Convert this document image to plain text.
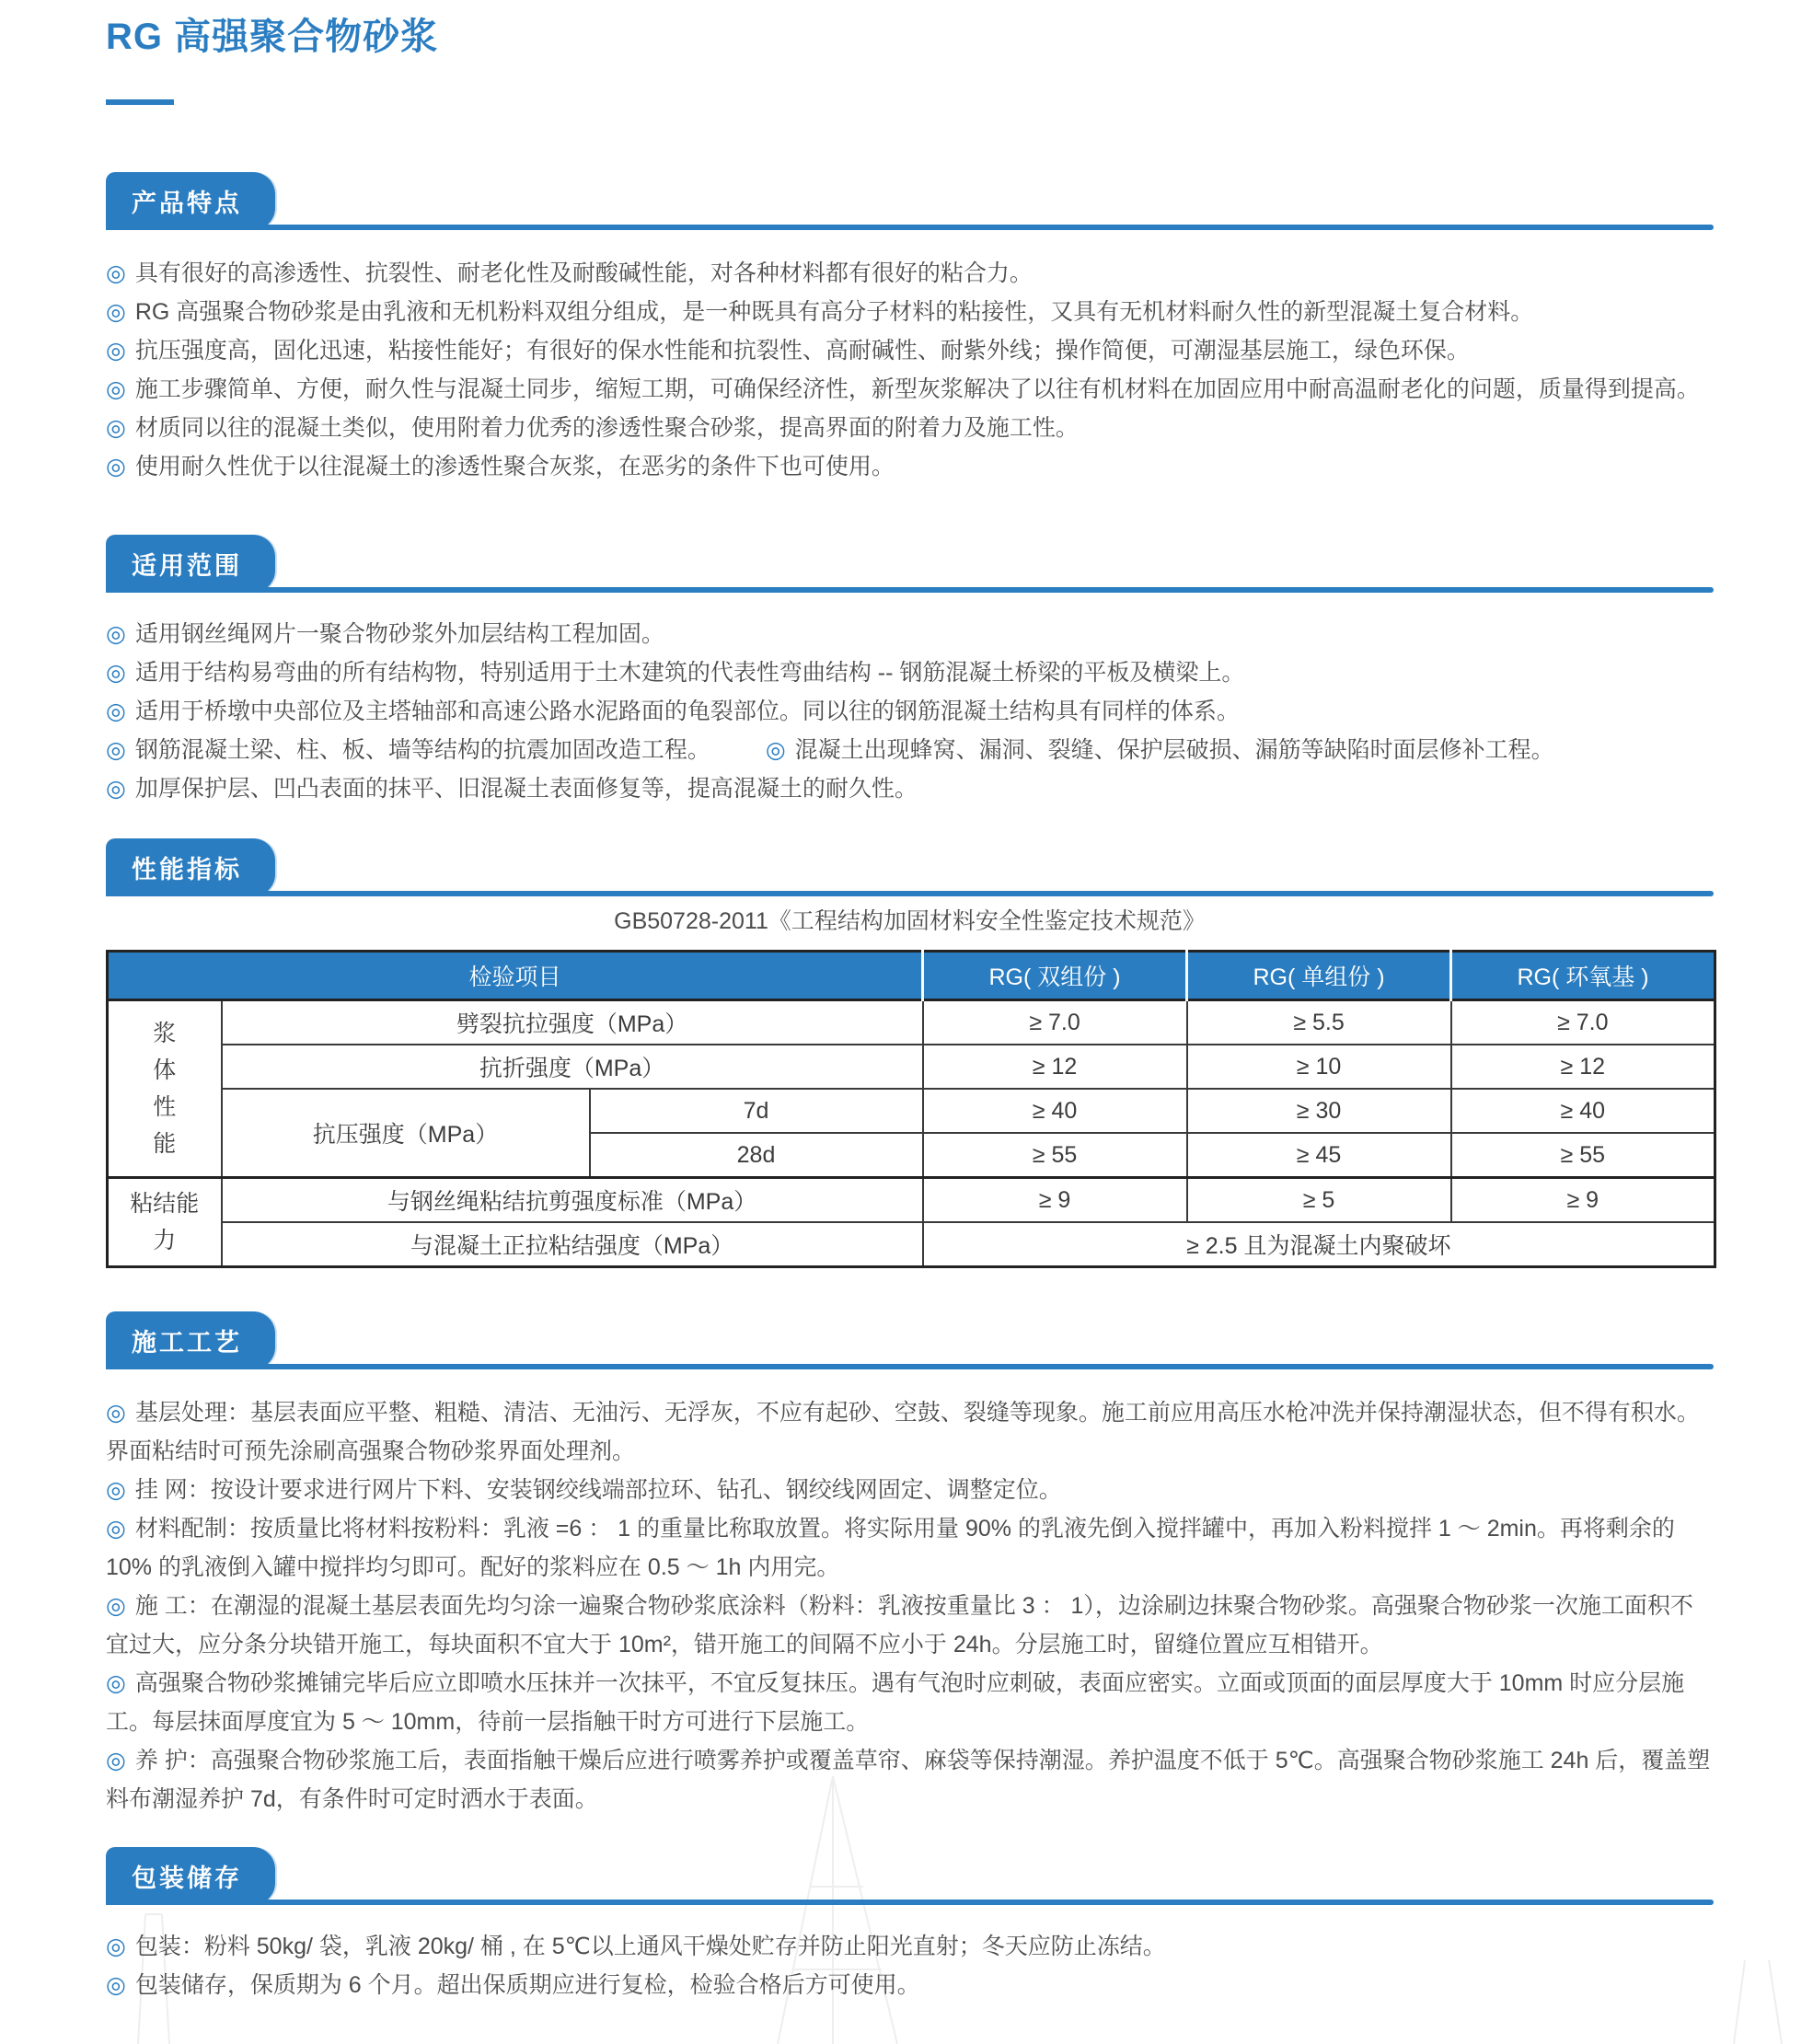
RG 高强聚合物砂浆
产品特点

◎ 具有很好的高渗透性、抗裂性、耐老化性及耐酸碱性能，对各种材料都有很好的粘合力。

◎ RG 高强聚合物砂浆是由乳液和无机粉料双组分组成，是一种既具有高分子材料的粘接性，又具有无机材料耐久性的新型混凝土复合材料。

◎ 抗压强度高，固化迅速，粘接性能好；有很好的保水性能和抗裂性、高耐碱性、耐紫外线；操作简便，可潮湿基层施工，绿色环保。

◎ 施工步骤简单、方便，耐久性与混凝土同步，缩短工期，可确保经济性，新型灰浆解决了以往有机材料在加固应用中耐高温耐老化的问题，质量得到提高。

◎ 材质同以往的混凝土类似，使用附着力优秀的渗透性聚合砂浆，提高界面的附着力及施工性。

◎ 使用耐久性优于以往混凝土的渗透性聚合灰浆，在恶劣的条件下也可使用。

适用范围

◎ 适用钢丝绳网片一聚合物砂浆外加层结构工程加固。

◎ 适用于结构易弯曲的所有结构物，特别适用于土木建筑的代表性弯曲结构 -- 钢筋混凝土桥梁的平板及横梁上。

◎ 适用于桥墩中央部位及主塔轴部和高速公路水泥路面的龟裂部位。同以往的钢筋混凝土结构具有同样的体系。

◎ 钢筋混凝土梁、柱、板、墙等结构的抗震加固改造工程。 ◎ 混凝土出现蜂窝、漏洞、裂缝、保护层破损、漏筋等缺陷时面层修补工程。

◎ 加厚保护层、凹凸表面的抹平、旧混凝土表面修复等，提高混凝土的耐久性。

性能指标

GB50728-2011《工程结构加固材料安全性鉴定技术规范》

检验项目			RG( 双组份 )	RG( 单组份 )	RG( 环氧基 )
浆
体
性
能	劈裂抗拉强度（MPa）		≥ 7.0	≥ 5.5	≥ 7.0
	抗折强度（MPa）		≥ 12	≥ 10	≥ 12
	抗压强度（MPa）	7d	≥ 40	≥ 30	≥ 40
		28d	≥ 55	≥ 45	≥ 55
粘结能
力	与钢丝绳粘结抗剪强度标准（MPa）		≥ 9	≥ 5	≥ 9
	与混凝土正拉粘结强度（MPa）		≥ 2.5 且为混凝土内聚破坏		
施工工艺

◎ 基层处理：基层表面应平整、粗糙、清洁、无油污、无浮灰，不应有起砂、空鼓、裂缝等现象。施工前应用高压水枪冲洗并保持潮湿状态，但不得有积水。界面粘结时可预先涂刷高强聚合物砂浆界面处理剂。

◎ 挂 网：按设计要求进行网片下料、安装钢绞线端部拉环、钻孔、钢绞线网固定、调整定位。

◎ 材料配制：按质量比将材料按粉料：乳液 =6 ： 1 的重量比称取放置。将实际用量 90% 的乳液先倒入搅拌罐中，再加入粉料搅拌 1 ～ 2min。再将剩余的 10% 的乳液倒入罐中搅拌均匀即可。配好的浆料应在 0.5 ～ 1h 内用完。

◎ 施 工：在潮湿的混凝土基层表面先均匀涂一遍聚合物砂浆底涂料（粉料：乳液按重量比 3 ： 1），边涂刷边抹聚合物砂浆。高强聚合物砂浆一次施工面积不宜过大，应分条分块错开施工，每块面积不宜大于 10m²，错开施工的间隔不应小于 24h。分层施工时，留缝位置应互相错开。

◎ 高强聚合物砂浆摊铺完毕后应立即喷水压抹并一次抹平，不宜反复抹压。遇有气泡时应刺破，表面应密实。立面或顶面的面层厚度大于 10mm 时应分层施工。每层抹面厚度宜为 5 ～ 10mm，待前一层指触干时方可进行下层施工。

◎ 养 护：高强聚合物砂浆施工后，表面指触干燥后应进行喷雾养护或覆盖草帘、麻袋等保持潮湿。养护温度不低于 5℃。高强聚合物砂浆施工 24h 后，覆盖塑料布潮湿养护 7d，有条件时可定时洒水于表面。

包装储存

◎ 包装：粉料 50kg/ 袋，乳液 20kg/ 桶 , 在 5℃以上通风干燥处贮存并防止阳光直射；冬天应防止冻结。

◎ 包装储存，保质期为 6 个月。超出保质期应进行复检，检验合格后方可使用。
